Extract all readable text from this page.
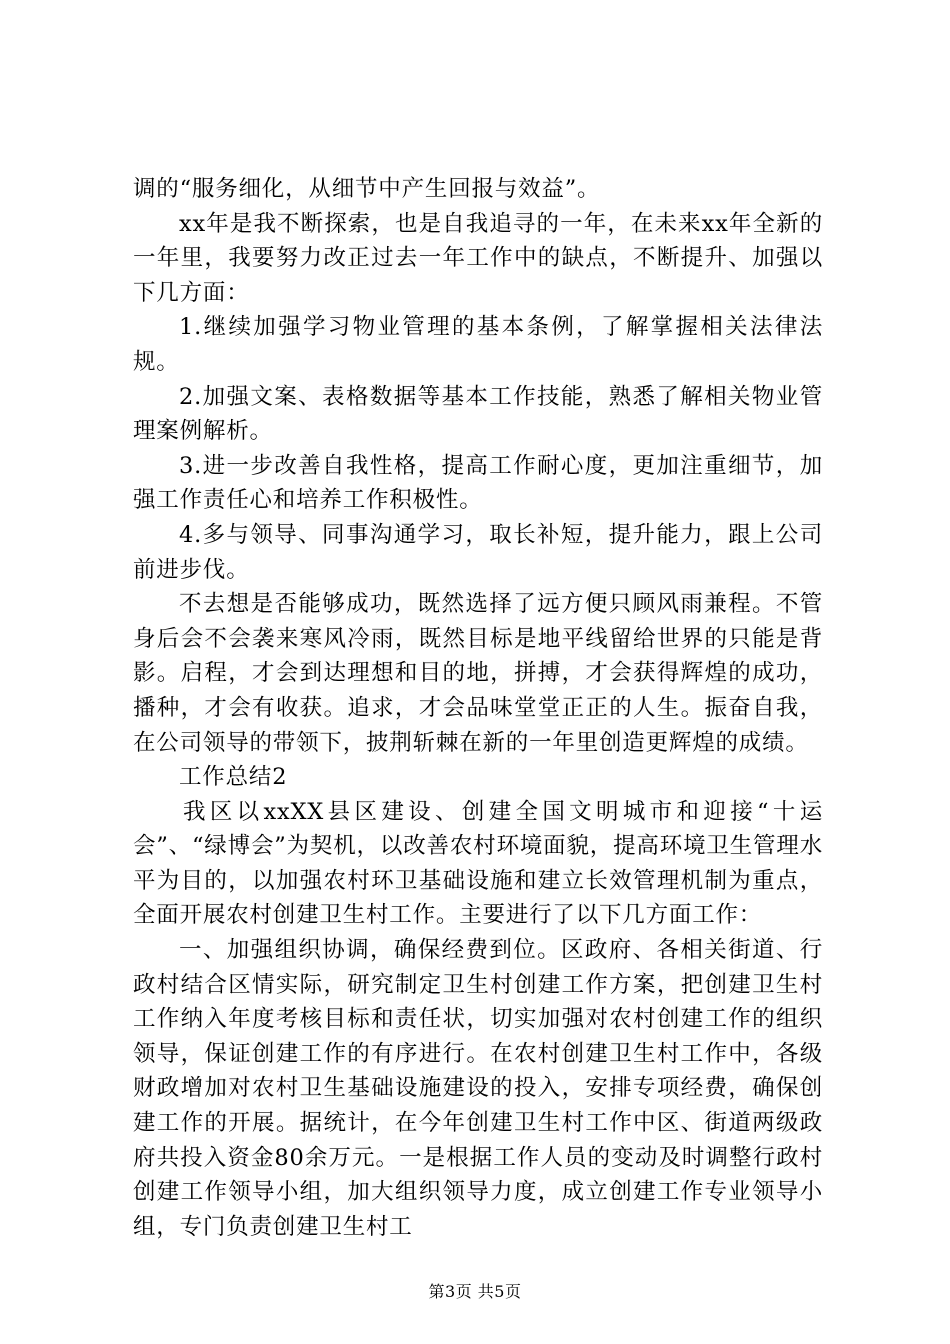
调的“服务细化，从细节中产生回报与效益”。

xx年是我不断探索，也是自我追寻的一年，在未来xx年全新的一年里，我要努力改正过去一年工作中的缺点，不断提升、加强以下几方面：

1.继续加强学习物业管理的基本条例，了解掌握相关法律法规。

2.加强文案、表格数据等基本工作技能，熟悉了解相关物业管理案例解析。

3.进一步改善自我性格，提高工作耐心度，更加注重细节，加强工作责任心和培养工作积极性。

4.多与领导、同事沟通学习，取长补短，提升能力，跟上公司前进步伐。

不去想是否能够成功，既然选择了远方便只顾风雨兼程。不管身后会不会袭来寒风冷雨，既然目标是地平线留给世界的只能是背影。启程，才会到达理想和目的地，拼搏，才会获得辉煌的成功，播种，才会有收获。追求，才会品味堂堂正正的人生。振奋自我，在公司领导的带领下，披荆斩棘在新的一年里创造更辉煌的成绩。

工作总结2

我区以xxXX县区建设、创建全国文明城市和迎接“十运会”、“绿博会”为契机，以改善农村环境面貌，提高环境卫生管理水平为目的，以加强农村环卫基础设施和建立长效管理机制为重点，全面开展农村创建卫生村工作。主要进行了以下几方面工作：

一、加强组织协调，确保经费到位。区政府、各相关街道、行政村结合区情实际，研究制定卫生村创建工作方案，把创建卫生村工作纳入年度考核目标和责任状，切实加强对农村创建工作的组织领导，保证创建工作的有序进行。在农村创建卫生村工作中，各级财政增加对农村卫生基础设施建设的投入，安排专项经费，确保创建工作的开展。据统计，在今年创建卫生村工作中区、街道两级政府共投入资金80余万元。一是根据工作人员的变动及时调整行政村创建工作领导小组，加大组织领导力度，成立创建工作专业领导小组，专门负责创建卫生村工

第3页 共5页
